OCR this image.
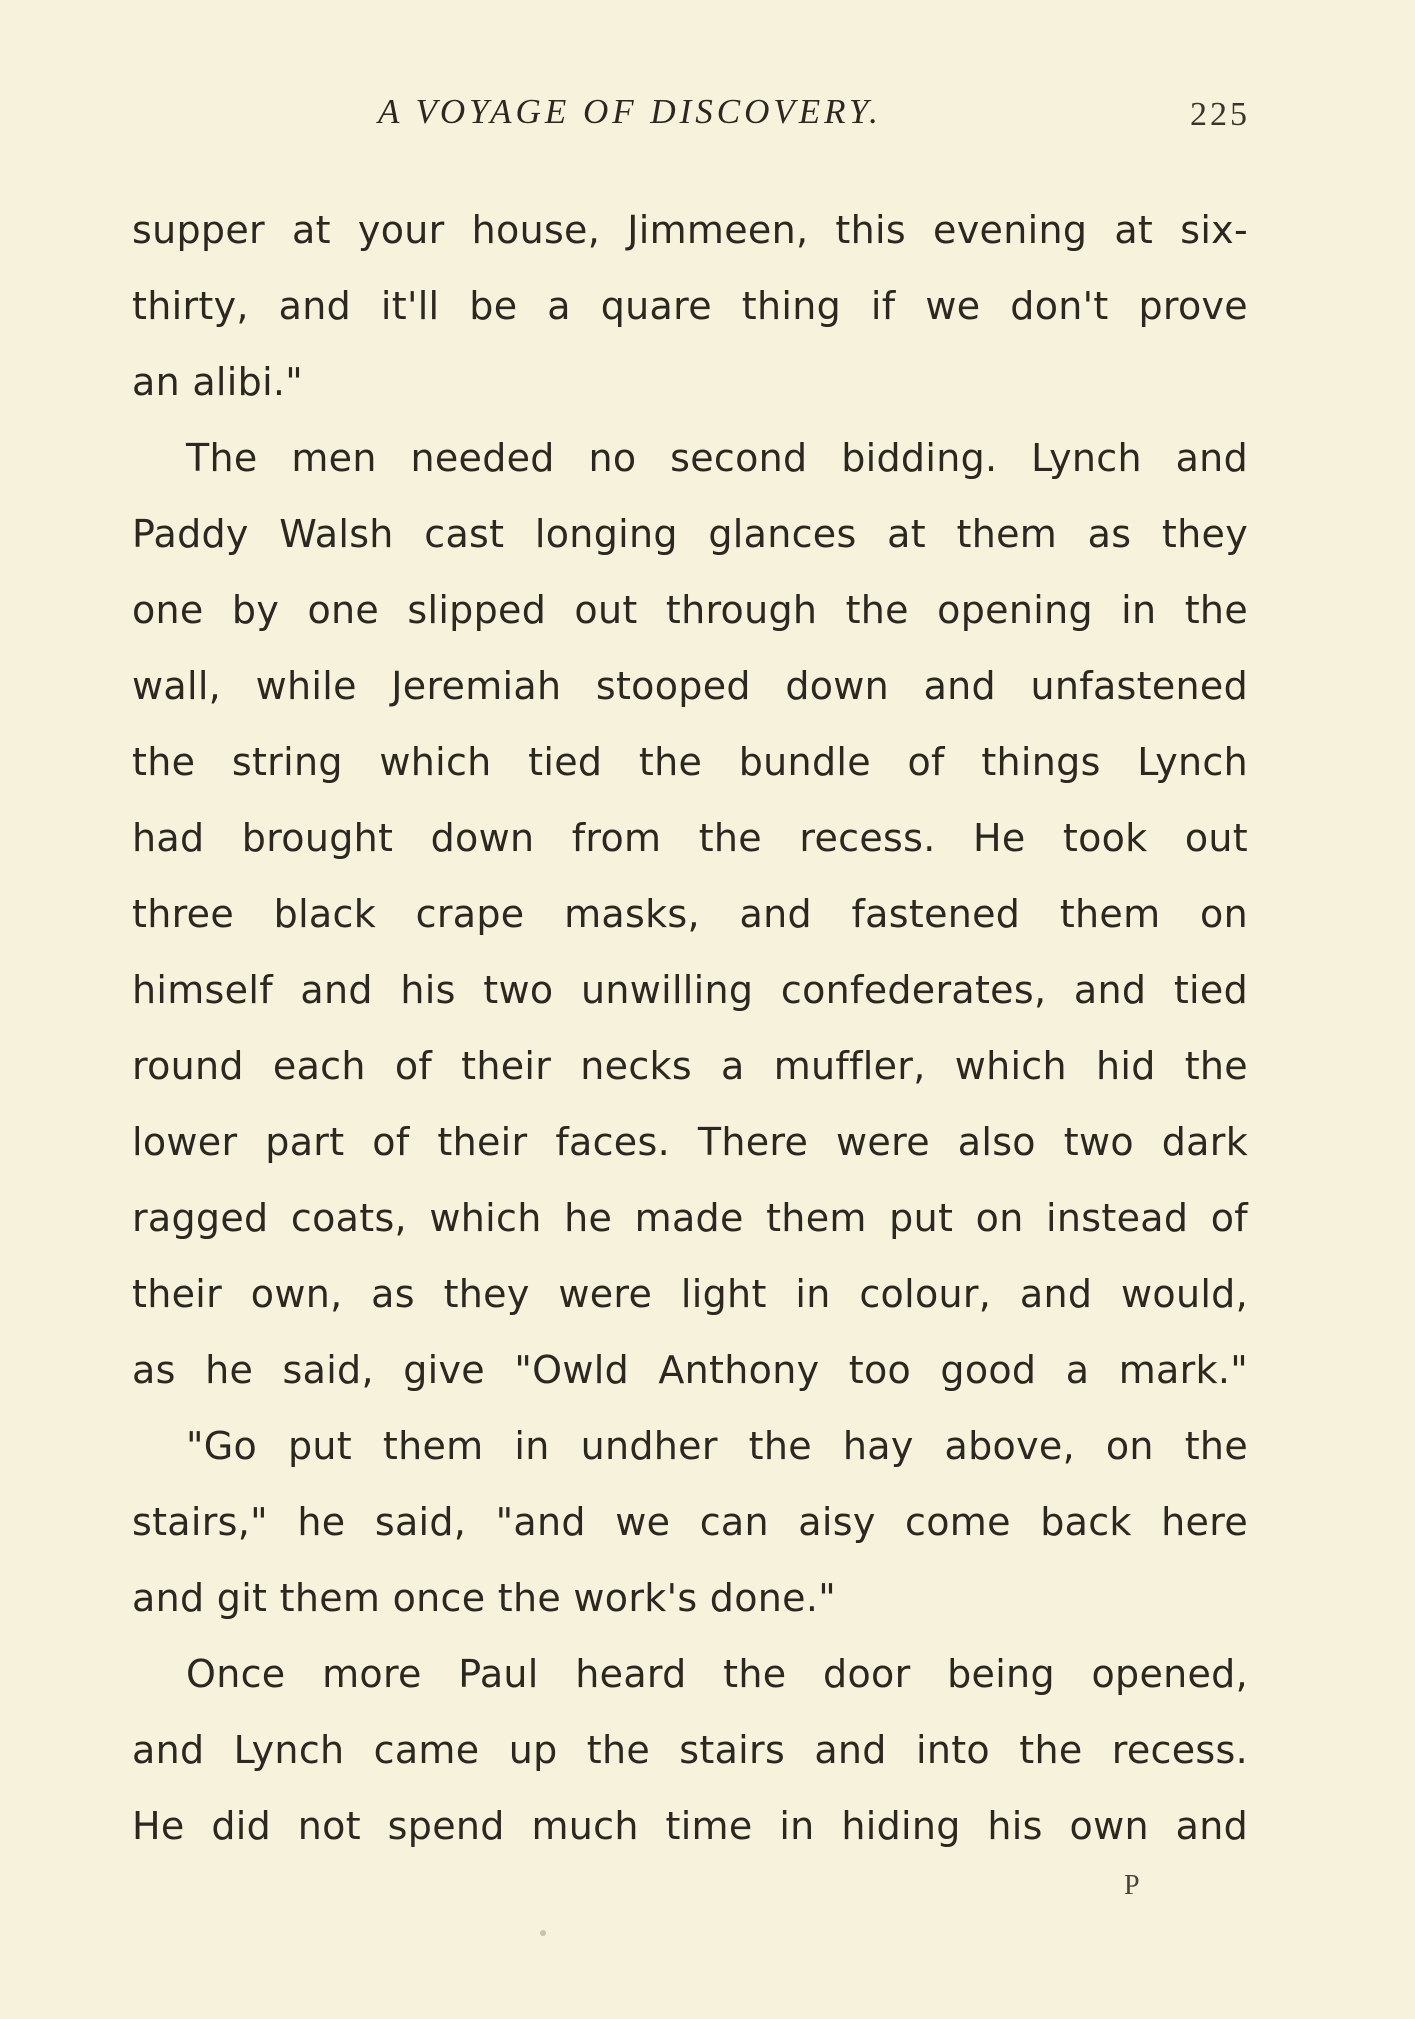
A VOYAGE OF DISCOVERY.	225
supper at your house, Jimmeen, this evening at six-
thirty, and it'll be a quare thing if we don't prove
an alibi."
The men needed no second bidding. Lynch and
Paddy Walsh cast longing glances at them as they
one by one slipped out through the opening in the
wall, while Jeremiah stooped down and unfastened
the string which tied the bundle of things Lynch
had brought down from the recess. He took out
three black crape masks, and fastened them on
himself and his two unwilling confederates, and tied
round each of their necks a muffler, which hid the
lower part of their faces. There were also two dark
ragged coats, which he made them put on instead of
their own, as they were light in colour, and would,
as he said, give "Owld Anthony too good a mark."
"Go put them in undher the hay above, on the
stairs," he said, "and we can aisy come back here
and git them once the work's done."
Once more Paul heard the door being opened,
and Lynch came up the stairs and into the recess.
He did not spend much time in hiding his own and
P
